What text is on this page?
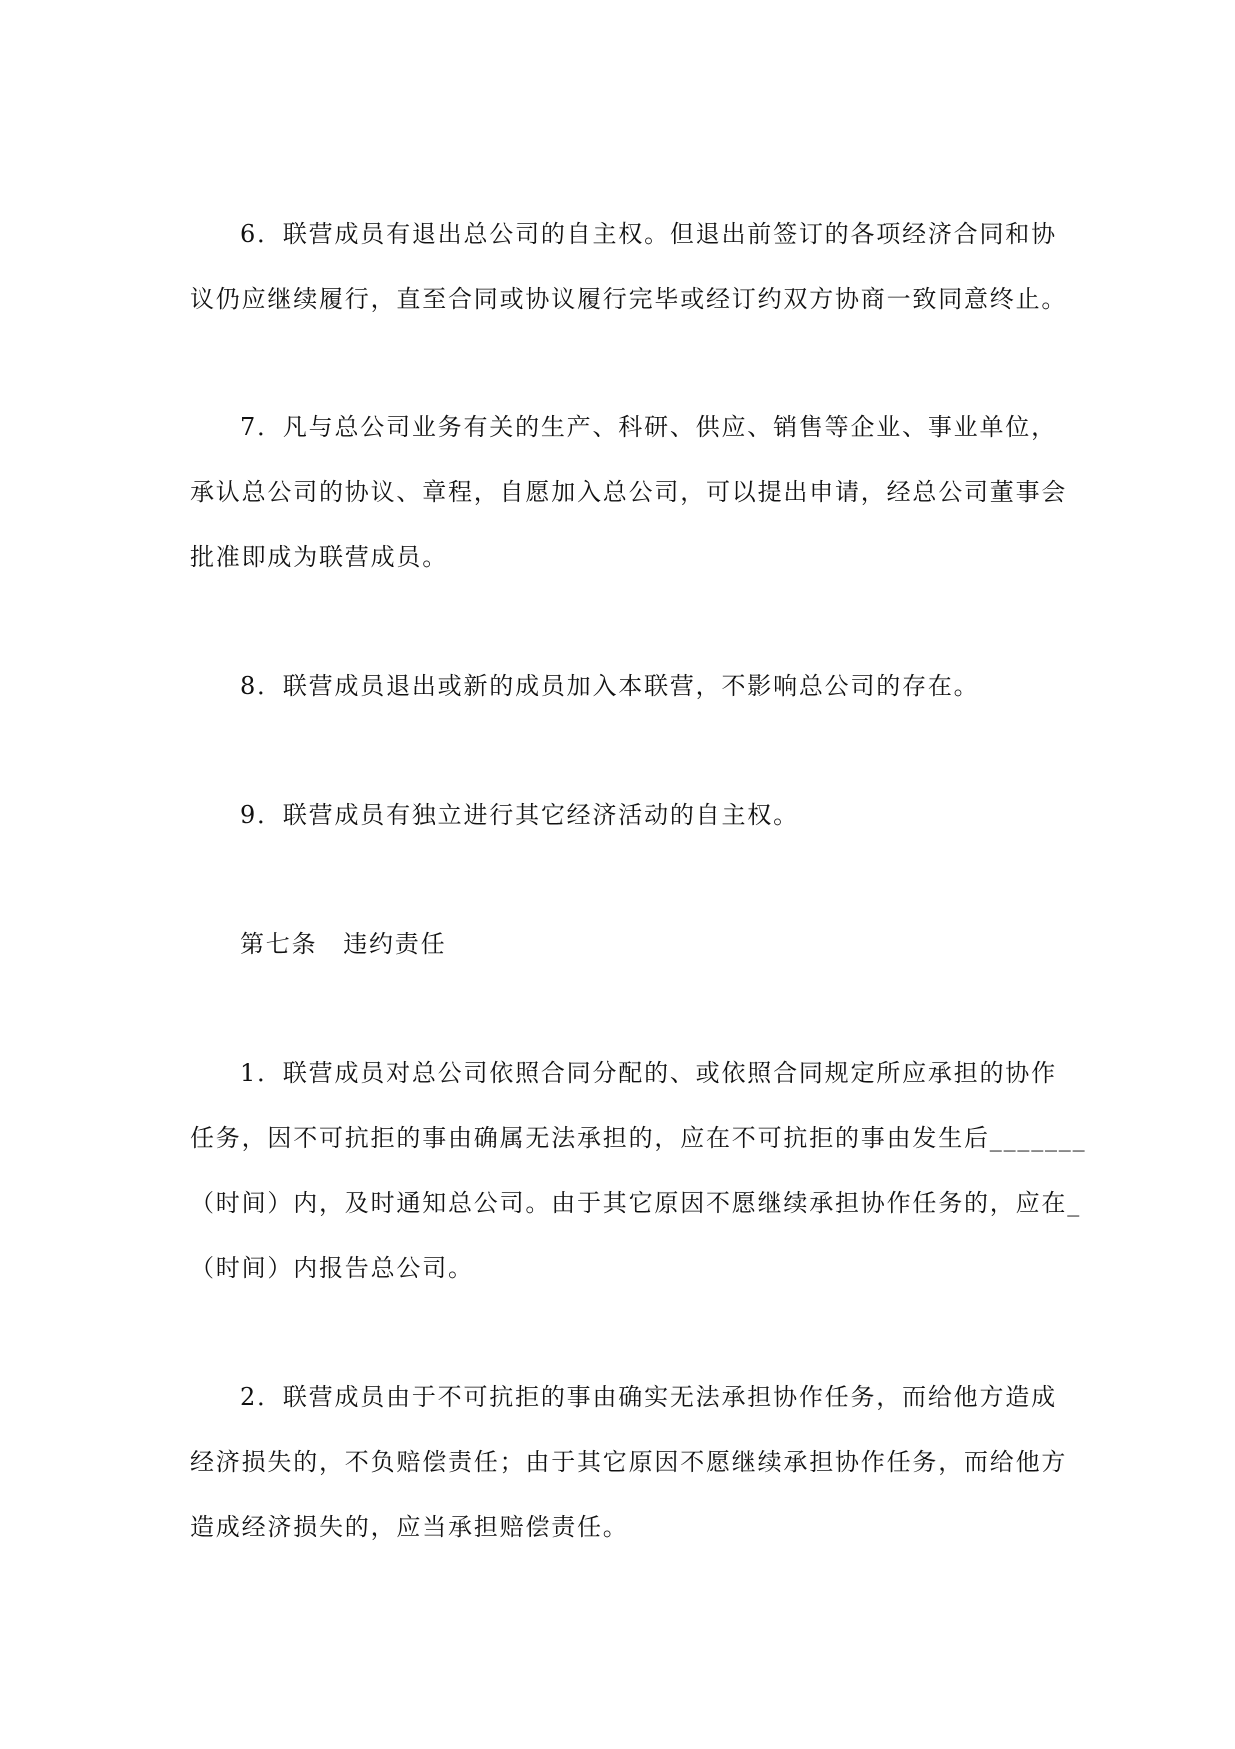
6．联营成员有退出总公司的自主权。但退出前签订的各项经济合同和协
议仍应继续履行，直至合同或协议履行完毕或经订约双方协商一致同意终止。
7．凡与总公司业务有关的生产、科研、供应、销售等企业、事业单位，
承认总公司的协议、章程，自愿加入总公司，可以提出申请，经总公司董事会
批准即成为联营成员。
8．联营成员退出或新的成员加入本联营，不影响总公司的存在。
9．联营成员有独立进行其它经济活动的自主权。
第七条　违约责任
1．联营成员对总公司依照合同分配的、或依照合同规定所应承担的协作
任务，因不可抗拒的事由确属无法承担的，应在不可抗拒的事由发生后_______
（时间）内，及时通知总公司。由于其它原因不愿继续承担协作任务的，应在_
（时间）内报告总公司。
2．联营成员由于不可抗拒的事由确实无法承担协作任务，而给他方造成
经济损失的，不负赔偿责任；由于其它原因不愿继续承担协作任务，而给他方
造成经济损失的，应当承担赔偿责任。
